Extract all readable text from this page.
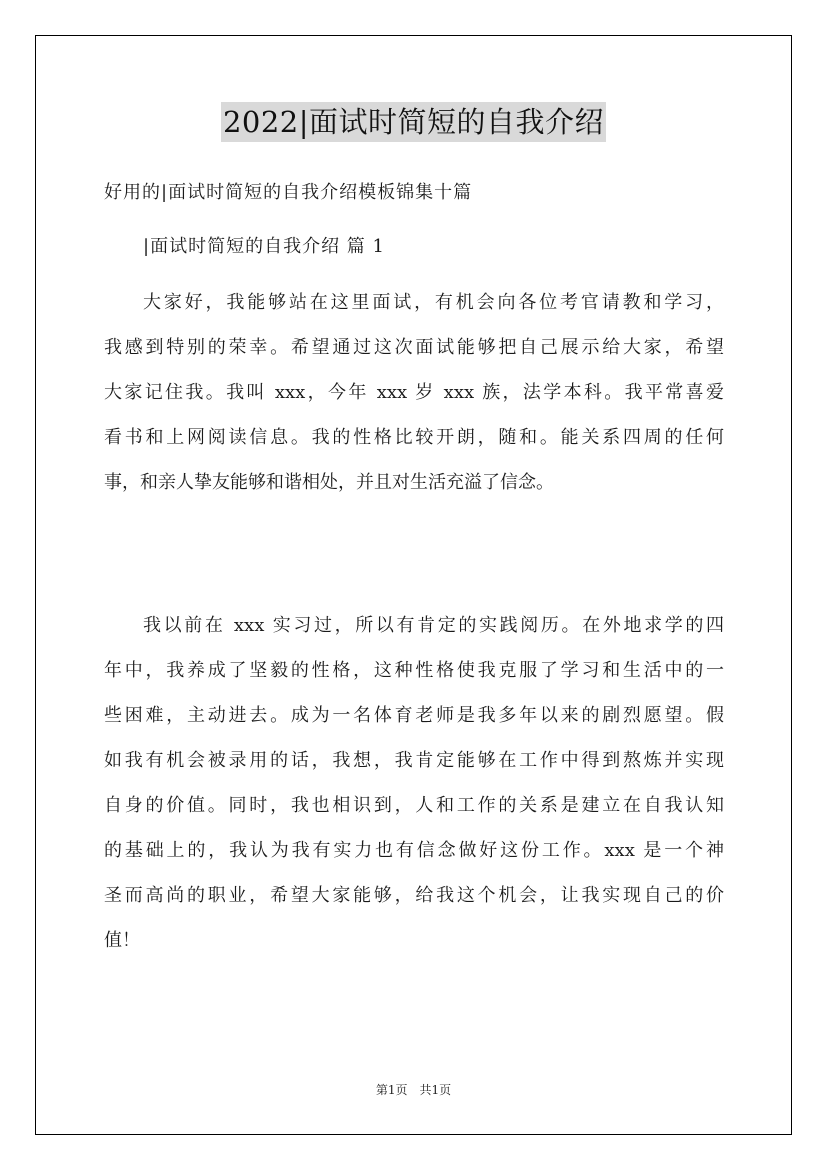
2022|面试时简短的自我介绍
好用的|面试时简短的自我介绍模板锦集十篇
|面试时简短的自我介绍 篇 1
大家好，我能够站在这里面试，有机会向各位考官请教和学习，
我感到特别的荣幸。希望通过这次面试能够把自己展示给大家，希望
大家记住我。我叫 xxx，今年 xxx 岁 xxx 族，法学本科。我平常喜爱
看书和上网阅读信息。我的性格比较开朗，随和。能关系四周的任何
事，和亲人挚友能够和谐相处，并且对生活充溢了信念。
我以前在 xxx 实习过，所以有肯定的实践阅历。在外地求学的四
年中，我养成了坚毅的性格，这种性格使我克服了学习和生活中的一
些困难，主动进去。成为一名体育老师是我多年以来的剧烈愿望。假
如我有机会被录用的话，我想，我肯定能够在工作中得到熬炼并实现
自身的价值。同时，我也相识到，人和工作的关系是建立在自我认知
的基础上的，我认为我有实力也有信念做好这份工作。xxx 是一个神
圣而高尚的职业，希望大家能够，给我这个机会，让我实现自己的价
值！
第1页　共1页
